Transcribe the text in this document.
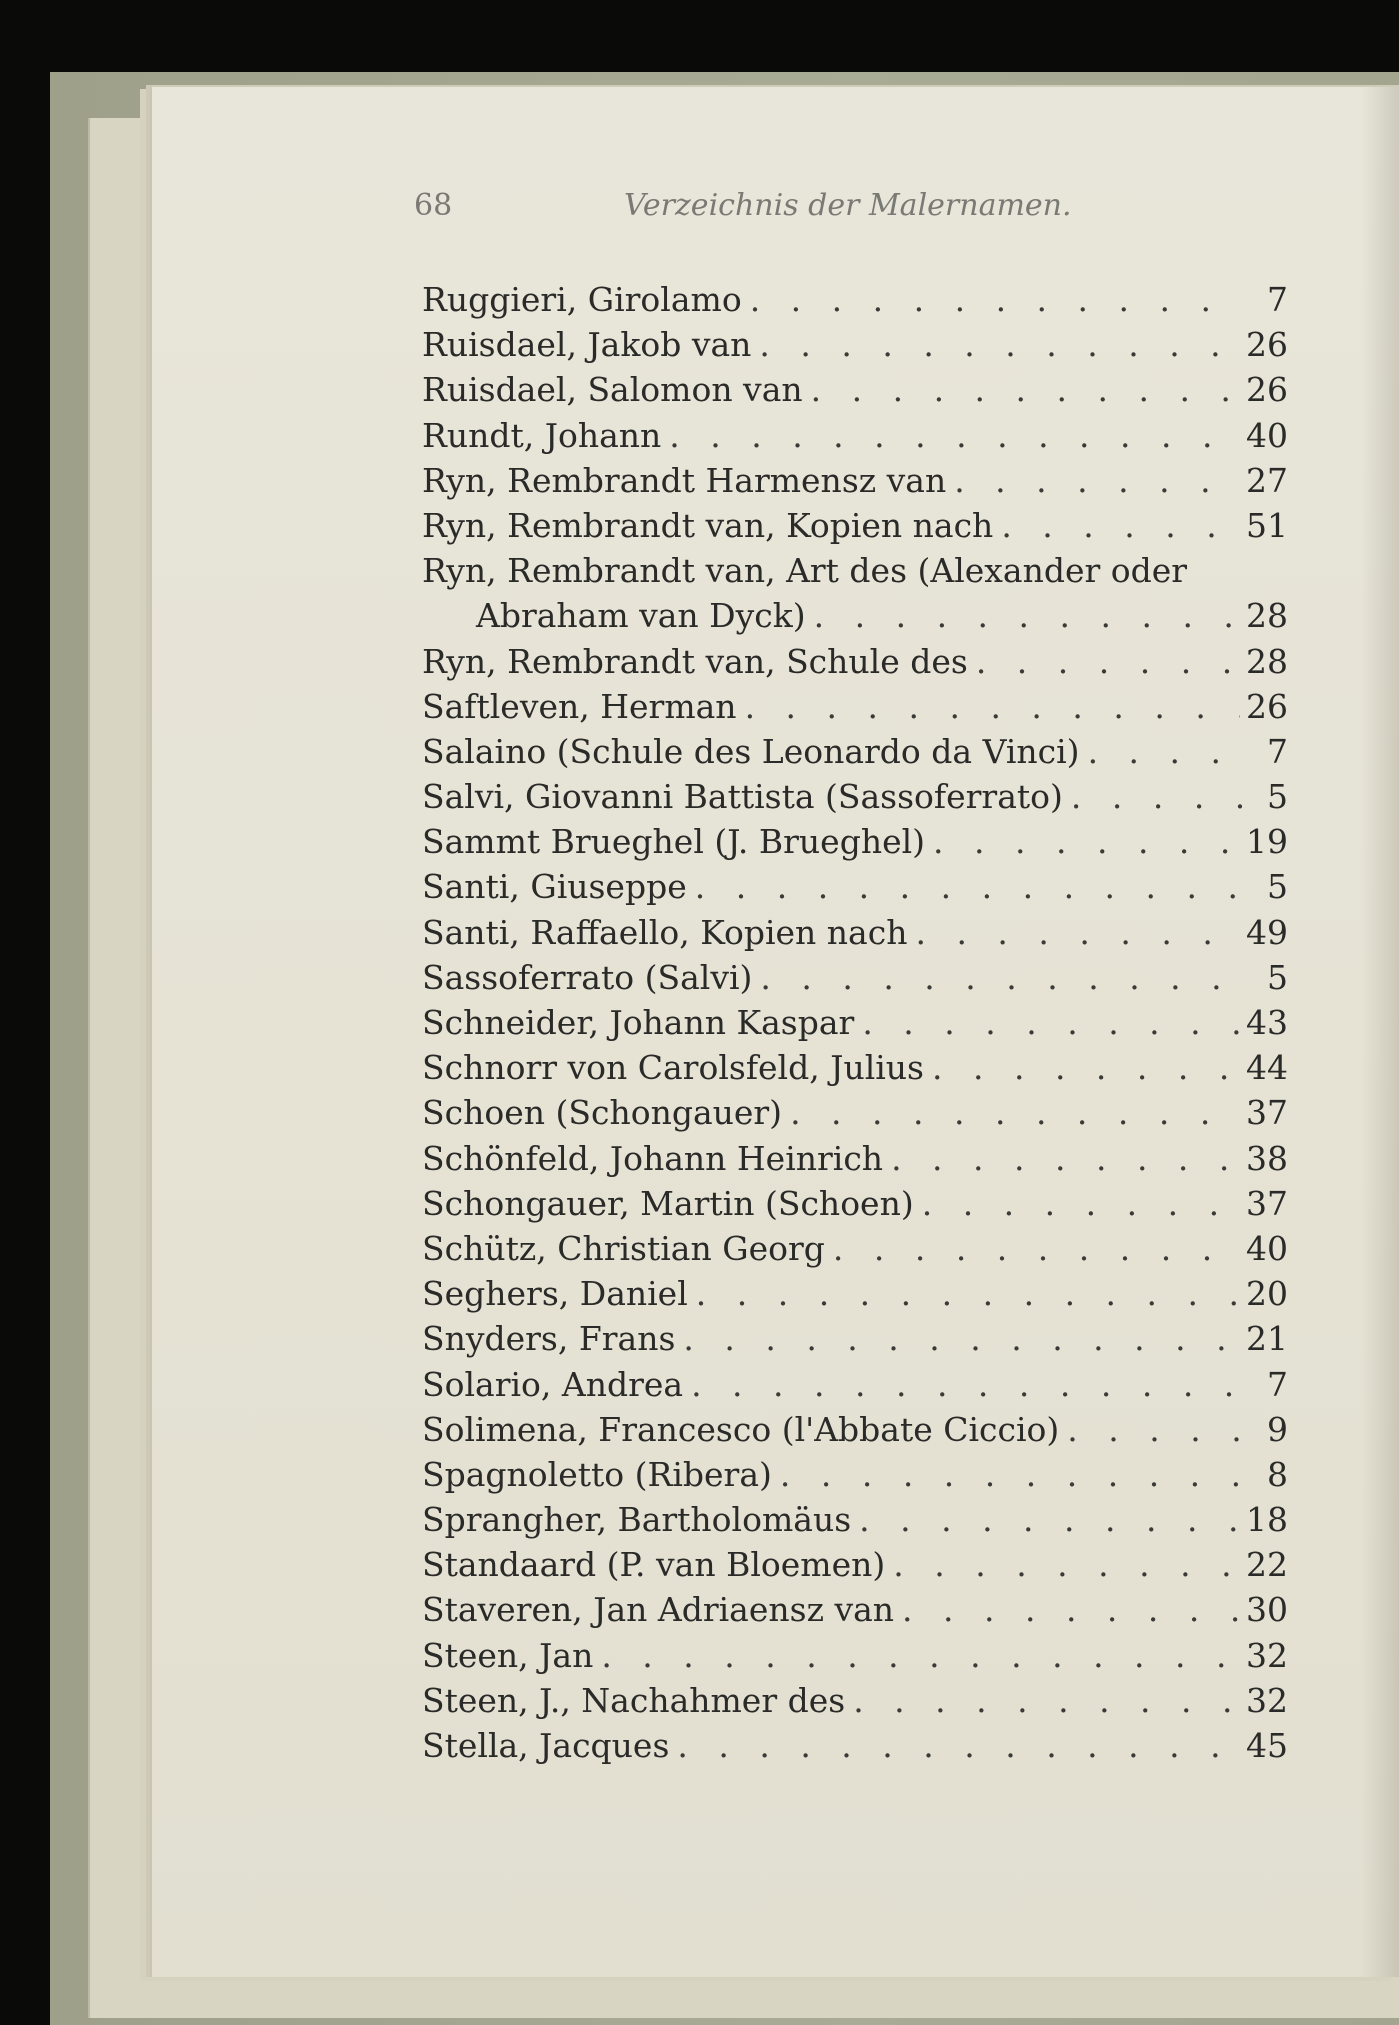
68	Verzeichnis der Malernamen.
Ruggieri, Girolamo . . .	7
Ruisdael, Jakob van . . .	26
Ruisdael, Salomon van . . .	26
Rundt, Johann . . .	40
Ryn, Rembrandt Harmensz van . . .	27
Ryn, Rembrandt van, Kopien nach . . .	51
Ryn, Rembrandt van, Art des (Alexander oder
Abraham van Dyck) . . .	28
Ryn, Rembrandt van, Schule des . . .	28
Saftleven, Herman . . .	26
Salaino (Schule des Leonardo da Vinci) . . .	7
Salvi, Giovanni Battista (Sassoferrato) . . .	5
Sammt Brueghel (J. Brueghel) . . .	19
Santi, Giuseppe . . .	5
Santi, Raffaello, Kopien nach . . .	49
Sassoferrato (Salvi) . . .	5
Schneider, Johann Kaspar . . .	43
Schnorr von Carolsfeld, Julius . . .	44
Schoen (Schongauer) . . .	37
Schönfeld, Johann Heinrich . . .	38
Schongauer, Martin (Schoen) . . .	37
Schütz, Christian Georg . . .	40
Seghers, Daniel . . .	20
Snyders, Frans . . .	21
Solario, Andrea . . .	7
Solimena, Francesco (l'Abbate Ciccio) . . .	9
Spagnoletto (Ribera) . . .	8
Sprangher, Bartholomäus . . .	18
Standaard (P. van Bloemen) . . .	22
Staveren, Jan Adriaensz van . . .	30
Steen, Jan . . .	32
Steen, J., Nachahmer des . . .	32
Stella, Jacques . . .	45
